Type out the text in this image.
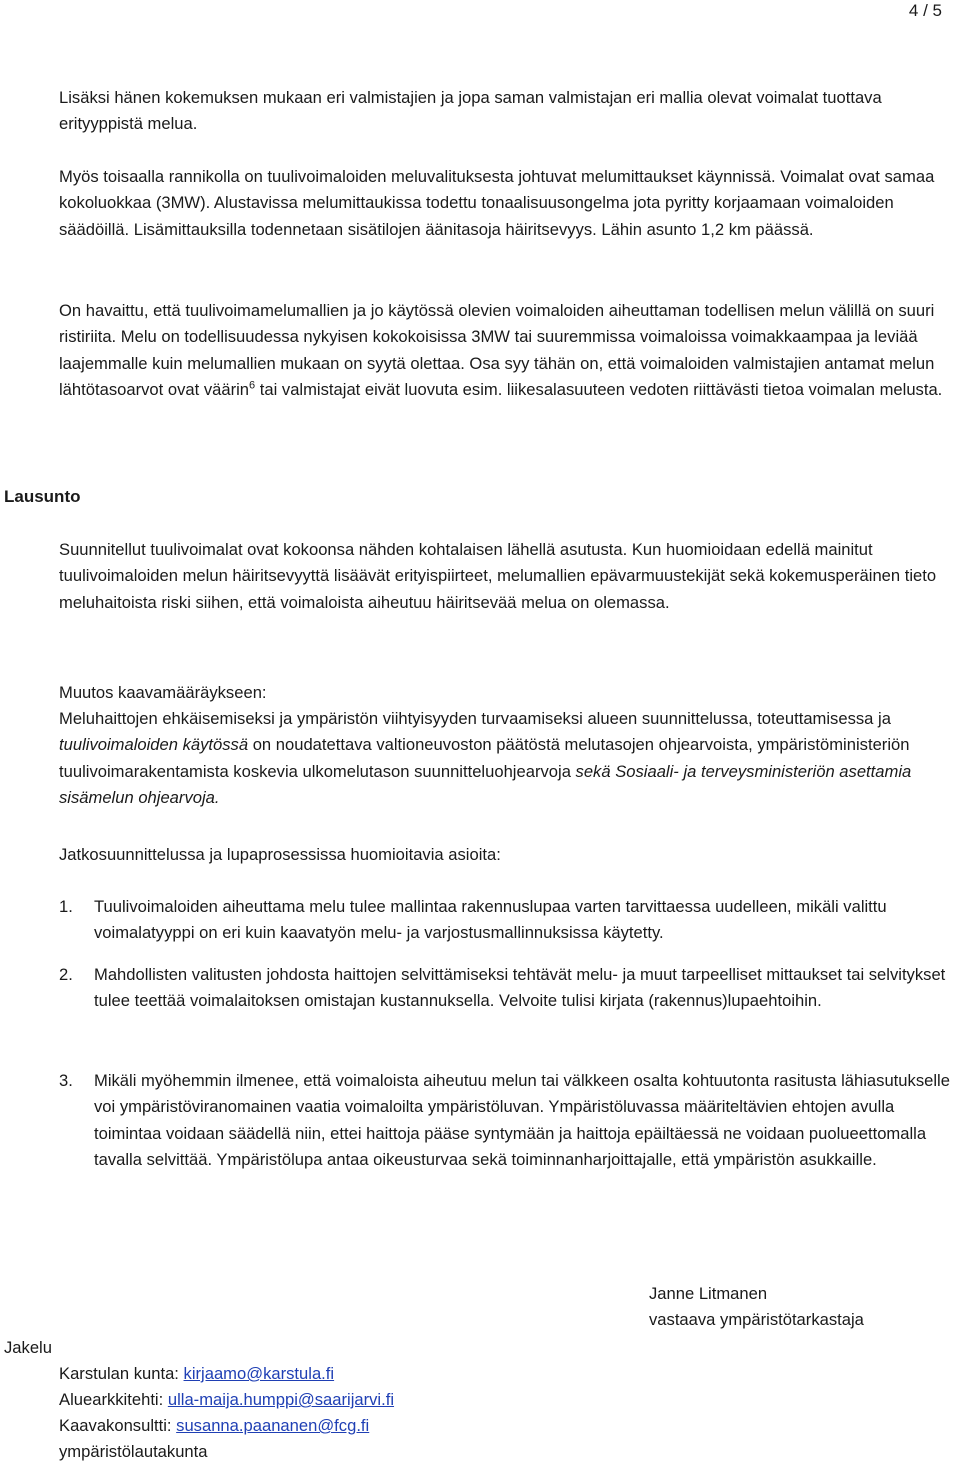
4 / 5

Lisäksi hänen kokemuksen mukaan eri valmistajien ja jopa saman valmistajan eri mallia olevat voimalat tuottava erityyppistä melua.

Myös toisaalla rannikolla on tuulivoimaloiden meluvalituksesta johtuvat melumittaukset käynnissä. Voimalat ovat samaa kokoluokkaa (3MW). Alustavissa melumittaukissa todettu tonaalisuusongelma jota pyritty korjaamaan voimaloiden säädöillä. Lisämittauksilla todennetaan sisätilojen äänitasoja häiritsevyys. Lähin asunto 1,2 km päässä.

On havaittu, että tuulivoimamelumallien ja jo käytössä olevien voimaloiden aiheuttaman todellisen melun välillä on suuri ristiriita. Melu on todellisuudessa nykyisen kokokoisissa 3MW tai suuremmissa voimaloissa voimakkaampaa ja leviää laajemmalle kuin melumallien mukaan on syytä olettaa. Osa syy tähän on, että voimaloiden valmistajien antamat melun lähtötasoarvot ovat väärin$^6$ tai valmistajat eivät luovuta esim. liikesalasuuteen vedoten riittävästi tietoa voimalan melusta.

Lausunto

Suunnitellut tuulivoimalat ovat kokoonsa nähden kohtalaisen lähellä asutusta. Kun huomioidaan edellä mainitut tuulivoimaloiden melun häiritsevyyttä lisäävät erityispiirteet, melumallien epävarmuustekijät sekä kokemusperäinen tieto meluhaitoista riski siihen, että voimaloista aiheutuu häiritsevää melua on olemassa.

Muutos kaavamääräykseen:

Meluhaittojen ehkäisemiseksi ja ympäristön viihtyisyyden turvaamiseksi alueen suunnittelussa, toteuttamisessa ja tuulivoimaloiden käytössä on noudatettava valtioneuvoston päätöstä melutasojen ohjearvoista, ympäristöministeriön tuulivoimarakentamista koskevia ulkomelutason suunnitteluohjearvoja sekä Sosiaali- ja terveysministeriön asettamia sisämelun ohjearvoja.

Jatkosuunnittelussa ja lupaprosessissa huomioitavia asioita:
1.	Tuulivoimaloiden aiheuttama melu tulee mallintaa rakennuslupaa varten tarvittaessa uudelleen, mikäli valittu voimalatyyppi on eri kuin kaavatyön melu- ja varjostusmallinnuksissa käytetty.
2.	Mahdollisten valitusten johdosta haittojen selvittämiseksi tehtävät melu- ja muut tarpeelliset mittaukset tai selvitykset tulee teettää voimalaitoksen omistajan kustannuksella. Velvoite tulisi kirjata (rakennus)lupaehtoihin.
3.	Mikäli myöhemmin ilmenee, että voimaloista aiheutuu melun tai välkkeen osalta kohtuutonta rasitusta lähiasutukselle voi ympäristöviranomainen vaatia voimaloilta ympäristöluvan. Ympäristöluvassa määriteltävien ehtojen avulla toimintaa voidaan säädellä niin, ettei haittoja pääse syntymään ja haittoja epäiltäessä ne voidaan puolueettomalla tavalla selvittää. Ympäristölupa antaa oikeusturvaa sekä toiminnanharjoittajalle, että ympäristön asukkaille.
Janne Litmanen
vastaava ympäristötarkastaja
Jakelu
Karstulan kunta: kirjaamo@karstula.fi
Aluearkkitehti: ulla-maija.humppi@saarijarvi.fi
Kaavakonsultti: susanna.paananen@fcg.fi
ympäristölautakunta
